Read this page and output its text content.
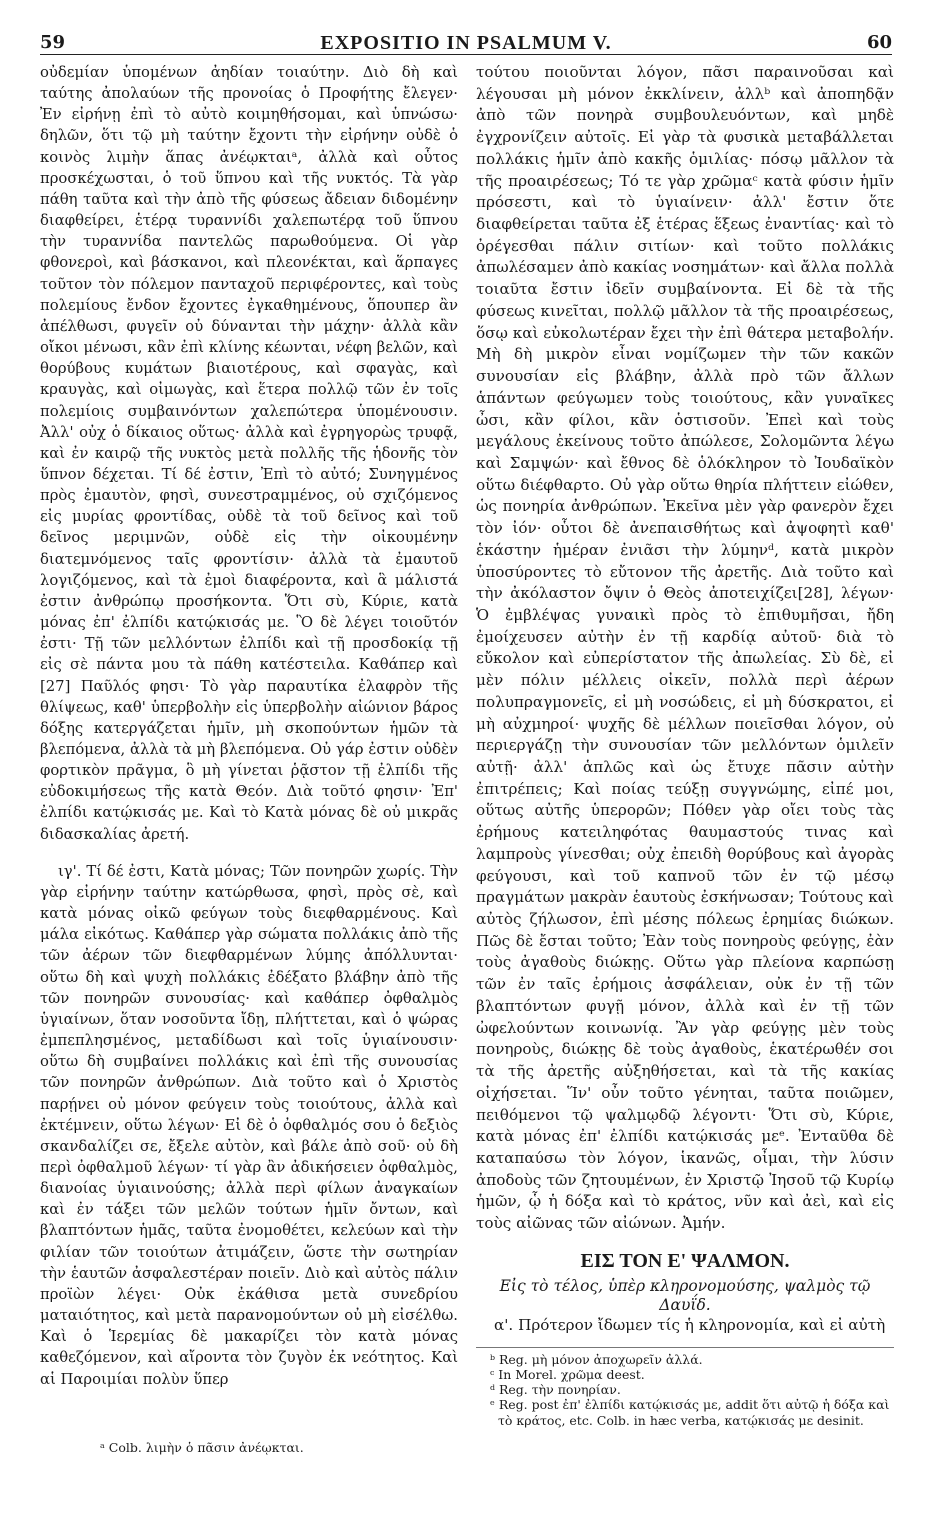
59	EXPOSITIO IN PSALMUM V.	60

οὐδεμίαν ὑπομένων ἀηδίαν τοιαύτην. Διὸ δὴ καὶ ταύτης ἀπολαύων τῆς προνοίας ὁ Προφήτης ἔλεγεν· Ἐν εἰρήνῃ ἐπὶ τὸ αὐτὸ κοιμηθήσομαι, καὶ ὑπνώσω· δηλῶν, ὅτι τῷ μὴ ταύτην ἔχοντι τὴν εἰρήνην οὐδὲ ὁ κοινὸς λιμὴν ἅπας ἀνέῳκταιᵃ, ἀλλὰ καὶ οὗτος προσκέχωσται, ὁ τοῦ ὕπνου καὶ τῆς νυκτός. Τὰ γὰρ πάθη ταῦτα καὶ τὴν ἀπὸ τῆς φύσεως ἄδειαν διδομένην διαφθείρει, ἑτέρᾳ τυραννίδι χαλεπωτέρᾳ τοῦ ὕπνου τὴν τυραννίδα παντελῶς παρωθούμενα. Οἱ γὰρ φθονεροὶ, καὶ βάσκανοι, καὶ πλεονέκται, καὶ ἅρπαγες τοῦτον τὸν πόλεμον πανταχοῦ περιφέροντες, καὶ τοὺς πολεμίους ἔνδον ἔχοντες ἐγκαθημένους, ὅπουπερ ἂν ἀπέλθωσι, φυγεῖν οὐ δύνανται τὴν μάχην· ἀλλὰ κἂν οἴκοι μένωσι, κἂν ἐπὶ κλίνης κέωνται, νέφη βελῶν, καὶ θορύβους κυμάτων βιαιοτέρους, καὶ σφαγὰς, καὶ κραυγὰς, καὶ οἰμωγὰς, καὶ ἕτερα πολλῷ τῶν ἐν τοῖς πολεμίοις συμβαινόντων χαλεπώτερα ὑπομένουσιν. Ἀλλ' οὐχ ὁ δίκαιος οὕτως· ἀλλὰ καὶ ἐγρηγορὼς τρυφᾷ, καὶ ἐν καιρῷ τῆς νυκτὸς μετὰ πολλῆς τῆς ἡδονῆς τὸν ὕπνον δέχεται. Τί δέ ἐστιν, Ἐπὶ τὸ αὐτό; Συνηγμένος πρὸς ἐμαυτὸν, φησὶ, συνεστραμμένος, οὐ σχιζόμενος εἰς μυρίας φροντίδας, οὐδὲ τὰ τοῦ δεῖνος καὶ τοῦ δεῖνος μεριμνῶν, οὐδὲ εἰς τὴν οἰκουμένην διατεμνόμενος ταῖς φροντίσιν· ἀλλὰ τὰ ἐμαυτοῦ λογιζόμενος, καὶ τὰ ἐμοὶ διαφέροντα, καὶ ἃ μάλιστά ἐστιν ἀνθρώπῳ προσήκοντα. Ὅτι σὺ, Κύριε, κατὰ μόνας ἐπ' ἐλπίδι κατῴκισάς με. Ὃ δὲ λέγει τοιοῦτόν ἐστι· Τῇ τῶν μελλόντων ἐλπίδι καὶ τῇ προσδοκίᾳ τῇ εἰς σὲ πάντα μου τὰ πάθη κατέστειλα. Καθάπερ καὶ [27] Παῦλός φησι· Τὸ γὰρ παραυτίκα ἐλαφρὸν τῆς θλίψεως, καθ' ὑπερβολὴν εἰς ὑπερβολὴν αἰώνιον βάρος δόξης κατεργάζεται ἡμῖν, μὴ σκοπούντων ἡμῶν τὰ βλεπόμενα, ἀλλὰ τὰ μὴ βλεπόμενα. Οὐ γάρ ἐστιν οὐδὲν φορτικὸν πρᾶγμα, ὃ μὴ γίνεται ῥᾷστον τῇ ἐλπίδι τῆς εὐδοκιμήσεως τῆς κατὰ Θεόν. Διὰ τοῦτό φησιν· Ἐπ' ἐλπίδι κατῴκισάς με. Καὶ τὸ Κατὰ μόνας δὲ οὐ μικρᾶς διδασκαλίας ἀρετή.

ιγ'. Τί δέ ἐστι, Κατὰ μόνας; Τῶν πονηρῶν χωρίς. Τὴν γὰρ εἰρήνην ταύτην κατώρθωσα, φησὶ, πρὸς σὲ, καὶ κατὰ μόνας οἰκῶ φεύγων τοὺς διεφθαρμένους. Καὶ μάλα εἰκότως. Καθάπερ γὰρ σώματα πολλάκις ἀπὸ τῆς τῶν ἀέρων τῶν διεφθαρμένων λύμης ἀπόλλυνται· οὕτω δὴ καὶ ψυχὴ πολλάκις ἐδέξατο βλάβην ἀπὸ τῆς τῶν πονηρῶν συνουσίας· καὶ καθάπερ ὀφθαλμὸς ὑγιαίνων, ὅταν νοσοῦντα ἴδῃ, πλήττεται, καὶ ὁ ψώρας ἐμπεπλησμένος, μεταδίδωσι καὶ τοῖς ὑγιαίνουσιν· οὕτω δὴ συμβαίνει πολλάκις καὶ ἐπὶ τῆς συνουσίας τῶν πονηρῶν ἀνθρώπων. Διὰ τοῦτο καὶ ὁ Χριστὸς παρῄνει οὐ μόνον φεύγειν τοὺς τοιούτους, ἀλλὰ καὶ ἐκτέμνειν, οὕτω λέγων· Εἰ δὲ ὁ ὀφθαλμός σου ὁ δεξιὸς σκανδαλίζει σε, ἔξελε αὐτὸν, καὶ βάλε ἀπὸ σοῦ· οὐ δὴ περὶ ὀφθαλμοῦ λέγων· τί γὰρ ἂν ἀδικήσειεν ὀφθαλμὸς, διανοίας ὑγιαινούσης; ἀλλὰ περὶ φίλων ἀναγκαίων καὶ ἐν τάξει τῶν μελῶν τούτων ἡμῖν ὄντων, καὶ βλαπτόντων ἡμᾶς, ταῦτα ἐνομοθέτει, κελεύων καὶ τὴν φιλίαν τῶν τοιούτων ἀτιμάζειν, ὥστε τὴν σωτηρίαν τὴν ἑαυτῶν ἀσφαλεστέραν ποιεῖν. Διὸ καὶ αὐτὸς πάλιν προϊὼν λέγει· Οὐκ ἐκάθισα μετὰ συνεδρίου ματαιότητος, καὶ μετὰ παρανομούντων οὐ μὴ εἰσέλθω. Καὶ ὁ Ἱερεμίας δὲ μακαρίζει τὸν κατὰ μόνας καθεζόμενον, καὶ αἴροντα τὸν ζυγὸν ἐκ νεότητος. Καὶ αἱ Παροιμίαι πολὺν ὕπερ

ᵃ Colb. λιμὴν ὁ πᾶσιν ἀνέῳκται.

τούτου ποιοῦνται λόγον, πᾶσι παραινοῦσαι καὶ λέγουσαι μὴ μόνον ἐκκλίνειν, ἀλλᵇ καὶ ἀποπηδᾷν ἀπὸ τῶν πονηρὰ συμβουλευόντων, καὶ μηδὲ ἐγχρονίζειν αὐτοῖς. Εἰ γὰρ τὰ φυσικὰ μεταβάλλεται πολλάκις ἡμῖν ἀπὸ κακῆς ὁμιλίας· πόσῳ μᾶλλον τὰ τῆς προαιρέσεως; Τό τε γὰρ χρῶμαᶜ κατὰ φύσιν ἡμῖν πρόσεστι, καὶ τὸ ὑγιαίνειν· ἀλλ' ἔστιν ὅτε διαφθείρεται ταῦτα ἐξ ἑτέρας ἕξεως ἐναντίας· καὶ τὸ ὀρέγεσθαι πάλιν σιτίων· καὶ τοῦτο πολλάκις ἀπωλέσαμεν ἀπὸ κακίας νοσημάτων· καὶ ἄλλα πολλὰ τοιαῦτα ἔστιν ἰδεῖν συμβαίνοντα. Εἰ δὲ τὰ τῆς φύσεως κινεῖται, πολλῷ μᾶλλον τὰ τῆς προαιρέσεως, ὅσῳ καὶ εὐκολωτέραν ἔχει τὴν ἐπὶ θάτερα μεταβολήν. Μὴ δὴ μικρὸν εἶναι νομίζωμεν τὴν τῶν κακῶν συνουσίαν εἰς βλάβην, ἀλλὰ πρὸ τῶν ἄλλων ἁπάντων φεύγωμεν τοὺς τοιούτους, κἂν γυναῖκες ὦσι, κἂν φίλοι, κἂν ὁστισοῦν. Ἐπεὶ καὶ τοὺς μεγάλους ἐκείνους τοῦτο ἀπώλεσε, Σολομῶντα λέγω καὶ Σαμψών· καὶ ἔθνος δὲ ὁλόκληρον τὸ Ἰουδαϊκὸν οὕτω διέφθαρτο. Οὐ γὰρ οὕτω θηρία πλήττειν εἰώθεν, ὡς πονηρία ἀνθρώπων. Ἐκεῖνα μὲν γὰρ φανερὸν ἔχει τὸν ἰόν· οὗτοι δὲ ἀνεπαισθήτως καὶ ἀψοφητὶ καθ' ἑκάστην ἡμέραν ἐνιᾶσι τὴν λύμηνᵈ, κατὰ μικρὸν ὑποσύροντες τὸ εὔτονον τῆς ἀρετῆς. Διὰ τοῦτο καὶ τὴν ἀκόλαστον ὄψιν ὁ Θεὸς ἀποτειχίζει[28], λέγων· Ὁ ἐμβλέψας γυναικὶ πρὸς τὸ ἐπιθυμῆσαι, ἤδη ἐμοίχευσεν αὐτὴν ἐν τῇ καρδίᾳ αὐτοῦ· διὰ τὸ εὔκολον καὶ εὐπερίστατον τῆς ἀπωλείας. Σὺ δὲ, εἰ μὲν πόλιν μέλλεις οἰκεῖν, πολλὰ περὶ ἀέρων πολυπραγμονεῖς, εἰ μὴ νοσώδεις, εἰ μὴ δύσκρατοι, εἰ μὴ αὐχμηροί· ψυχῆς δὲ μέλλων ποιεῖσθαι λόγον, οὐ περιεργάζῃ τὴν συνουσίαν τῶν μελλόντων ὁμιλεῖν αὐτῇ· ἀλλ' ἁπλῶς καὶ ὡς ἔτυχε πᾶσιν αὐτὴν ἐπιτρέπεις; Καὶ ποίας τεύξῃ συγγνώμης, εἰπέ μοι, οὕτως αὐτῆς ὑπερορῶν; Πόθεν γὰρ οἴει τοὺς τὰς ἐρήμους κατειληφότας θαυμαστούς τινας καὶ λαμπροὺς γίνεσθαι; οὐχ ἐπειδὴ θορύβους καὶ ἀγορὰς φεύγουσι, καὶ τοῦ καπνοῦ τῶν ἐν τῷ μέσῳ πραγμάτων μακρὰν ἑαυτοὺς ἐσκήνωσαν; Τούτους καὶ αὐτὸς ζήλωσον, ἐπὶ μέσης πόλεως ἐρημίας διώκων. Πῶς δὲ ἔσται τοῦτο; Ἐὰν τοὺς πονηροὺς φεύγῃς, ἐὰν τοὺς ἀγαθοὺς διώκῃς. Οὕτω γὰρ πλείονα καρπώσῃ τῶν ἐν ταῖς ἐρήμοις ἀσφάλειαν, οὐκ ἐν τῇ τῶν βλαπτόντων φυγῇ μόνον, ἀλλὰ καὶ ἐν τῇ τῶν ὠφελούντων κοινωνίᾳ. Ἂν γὰρ φεύγῃς μὲν τοὺς πονηροὺς, διώκῃς δὲ τοὺς ἀγαθοὺς, ἑκατέρωθέν σοι τὰ τῆς ἀρετῆς αὐξηθήσεται, καὶ τὰ τῆς κακίας οἰχήσεται. Ἵν' οὖν τοῦτο γένηται, ταῦτα ποιῶμεν, πειθόμενοι τῷ ψαλμῳδῷ λέγοντι· Ὅτι σὺ, Κύριε, κατὰ μόνας ἐπ' ἐλπίδι κατῴκισάς μεᵉ. Ἐνταῦθα δὲ καταπαύσω τὸν λόγον, ἱκανῶς, οἶμαι, τὴν λύσιν ἀποδοὺς τῶν ζητουμένων, ἐν Χριστῷ Ἰησοῦ τῷ Κυρίῳ ἡμῶν, ᾧ ἡ δόξα καὶ τὸ κράτος, νῦν καὶ ἀεὶ, καὶ εἰς τοὺς αἰῶνας τῶν αἰώνων. Ἀμήν.

ΕΙΣ ΤΟΝ Ε' ΨΑΛΜΟΝ.
Εἰς τὸ τέλος, ὑπὲρ κληρονομούσης, ψαλμὸς τῷ Δαυΐδ.

α'. Πρότερον ἴδωμεν τίς ἡ κληρονομία, καὶ εἰ αὐτὴ

ᵇ Reg. μὴ μόνον ἀποχωρεῖν ἀλλά.
ᶜ In Morel. χρῶμα deest.
ᵈ Reg. τὴν πονηρίαν.
ᵉ Reg. post ἐπ' ἐλπίδι κατῴκισάς με, addit ὅτι αὐτῷ ἡ δόξα καὶ τὸ κράτος, etc. Colb. in hæc verba, κατῴκισάς με desinit.
